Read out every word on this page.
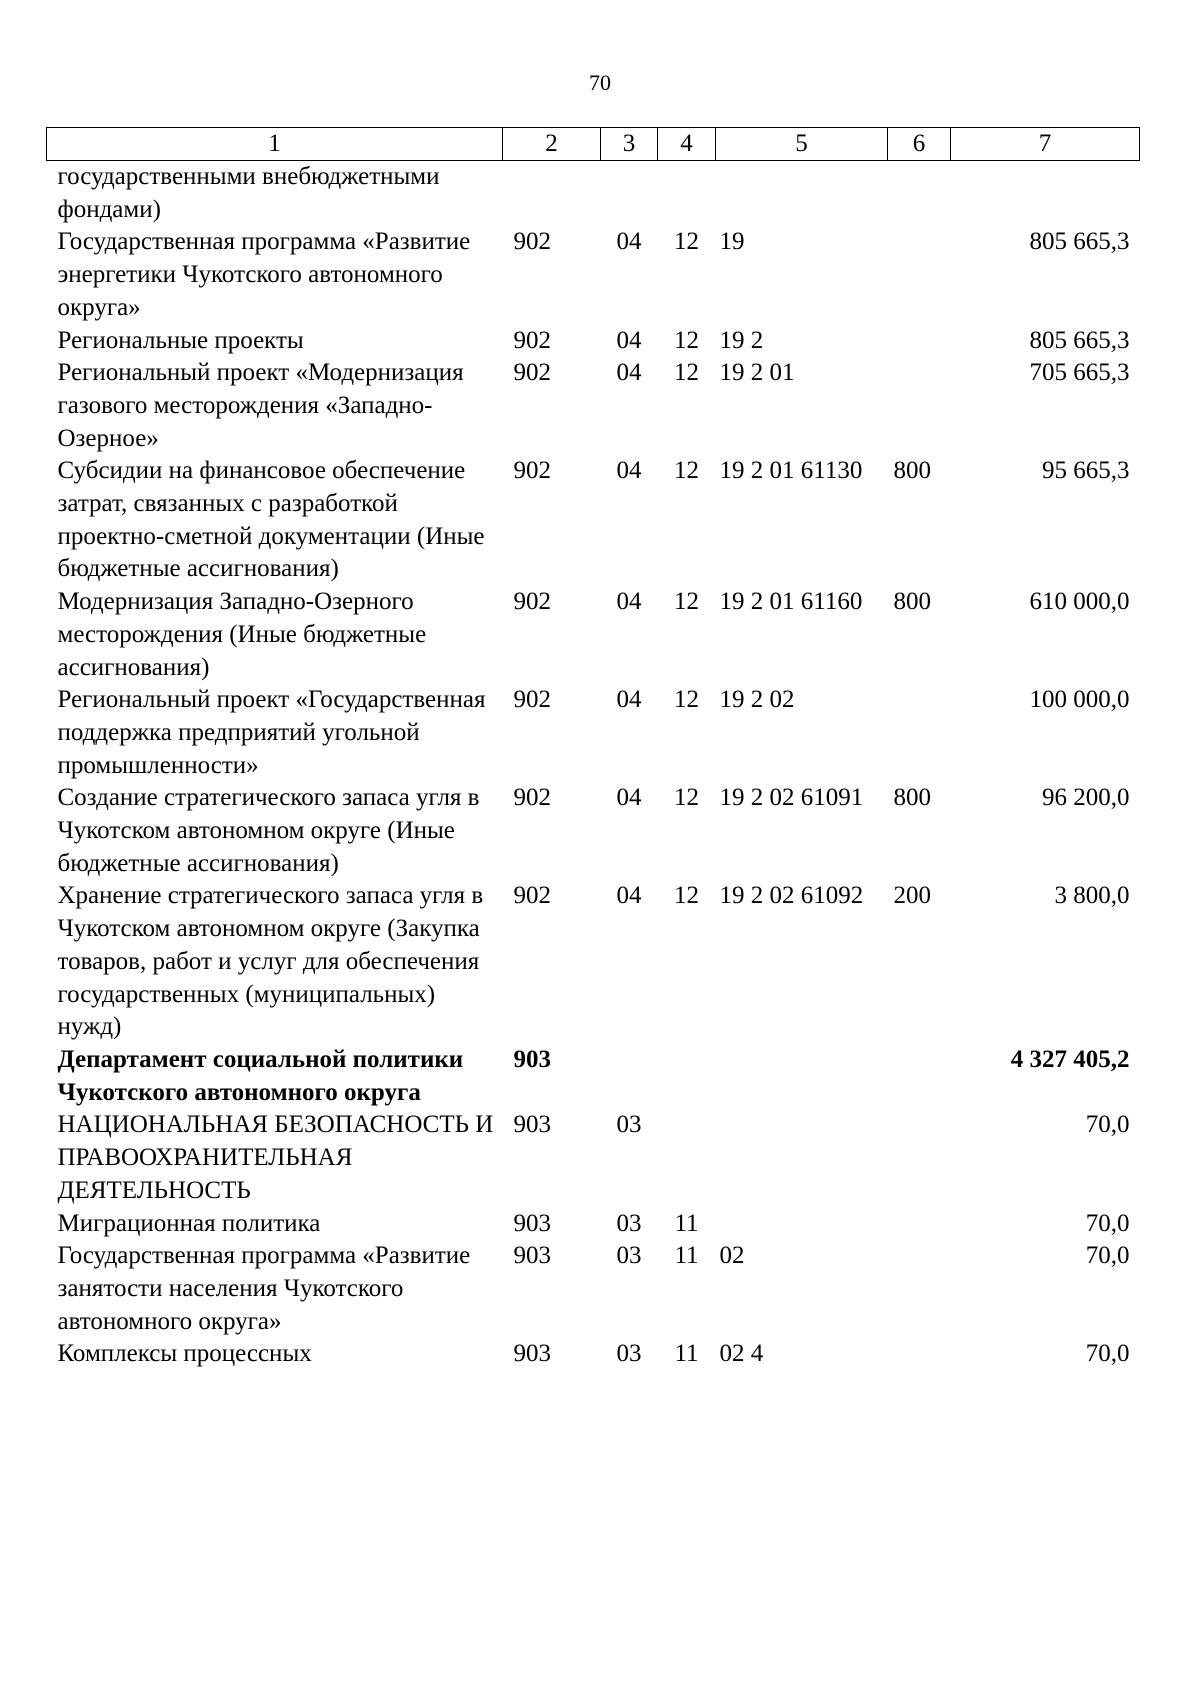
70
1	2	3	4	5	6	7
государственными внебюджетными фондами)						
Государственная программа «Развитие энергетики Чукотского автономного округа»	902	04	12	19		805 665,3
Региональные проекты	902	04	12	19 2		805 665,3
Региональный проект «Модернизация газового месторождения «Западно-Озерное»	902	04	12	19 2 01		705 665,3
Субсидии на финансовое обеспечение затрат, связанных с разработкой проектно-сметной документации (Иные бюджетные ассигнования)	902	04	12	19 2 01 61130	800	95 665,3
Модернизация Западно-Озерного месторождения (Иные бюджетные ассигнования)	902	04	12	19 2 01 61160	800	610 000,0
Региональный проект «Государственная поддержка предприятий угольной промышленности»	902	04	12	19 2 02		100 000,0
Создание стратегического запаса угля в Чукотском автономном округе (Иные бюджетные ассигнования)	902	04	12	19 2 02 61091	800	96 200,0
Хранение стратегического запаса угля в Чукотском автономном округе (Закупка товаров, работ и услуг для обеспечения государственных (муниципальных) нужд)	902	04	12	19 2 02 61092	200	3 800,0
Департамент социальной политики Чукотского автономного округа	903					4 327 405,2
НАЦИОНАЛЬНАЯ БЕЗОПАСНОСТЬ И ПРАВООХРАНИТЕЛЬНАЯ ДЕЯТЕЛЬНОСТЬ	903	03				70,0
Миграционная политика	903	03	11			70,0
Государственная программа «Развитие занятости населения Чукотского автономного округа»	903	03	11	02		70,0
Комплексы процессных	903	03	11	02 4		70,0
